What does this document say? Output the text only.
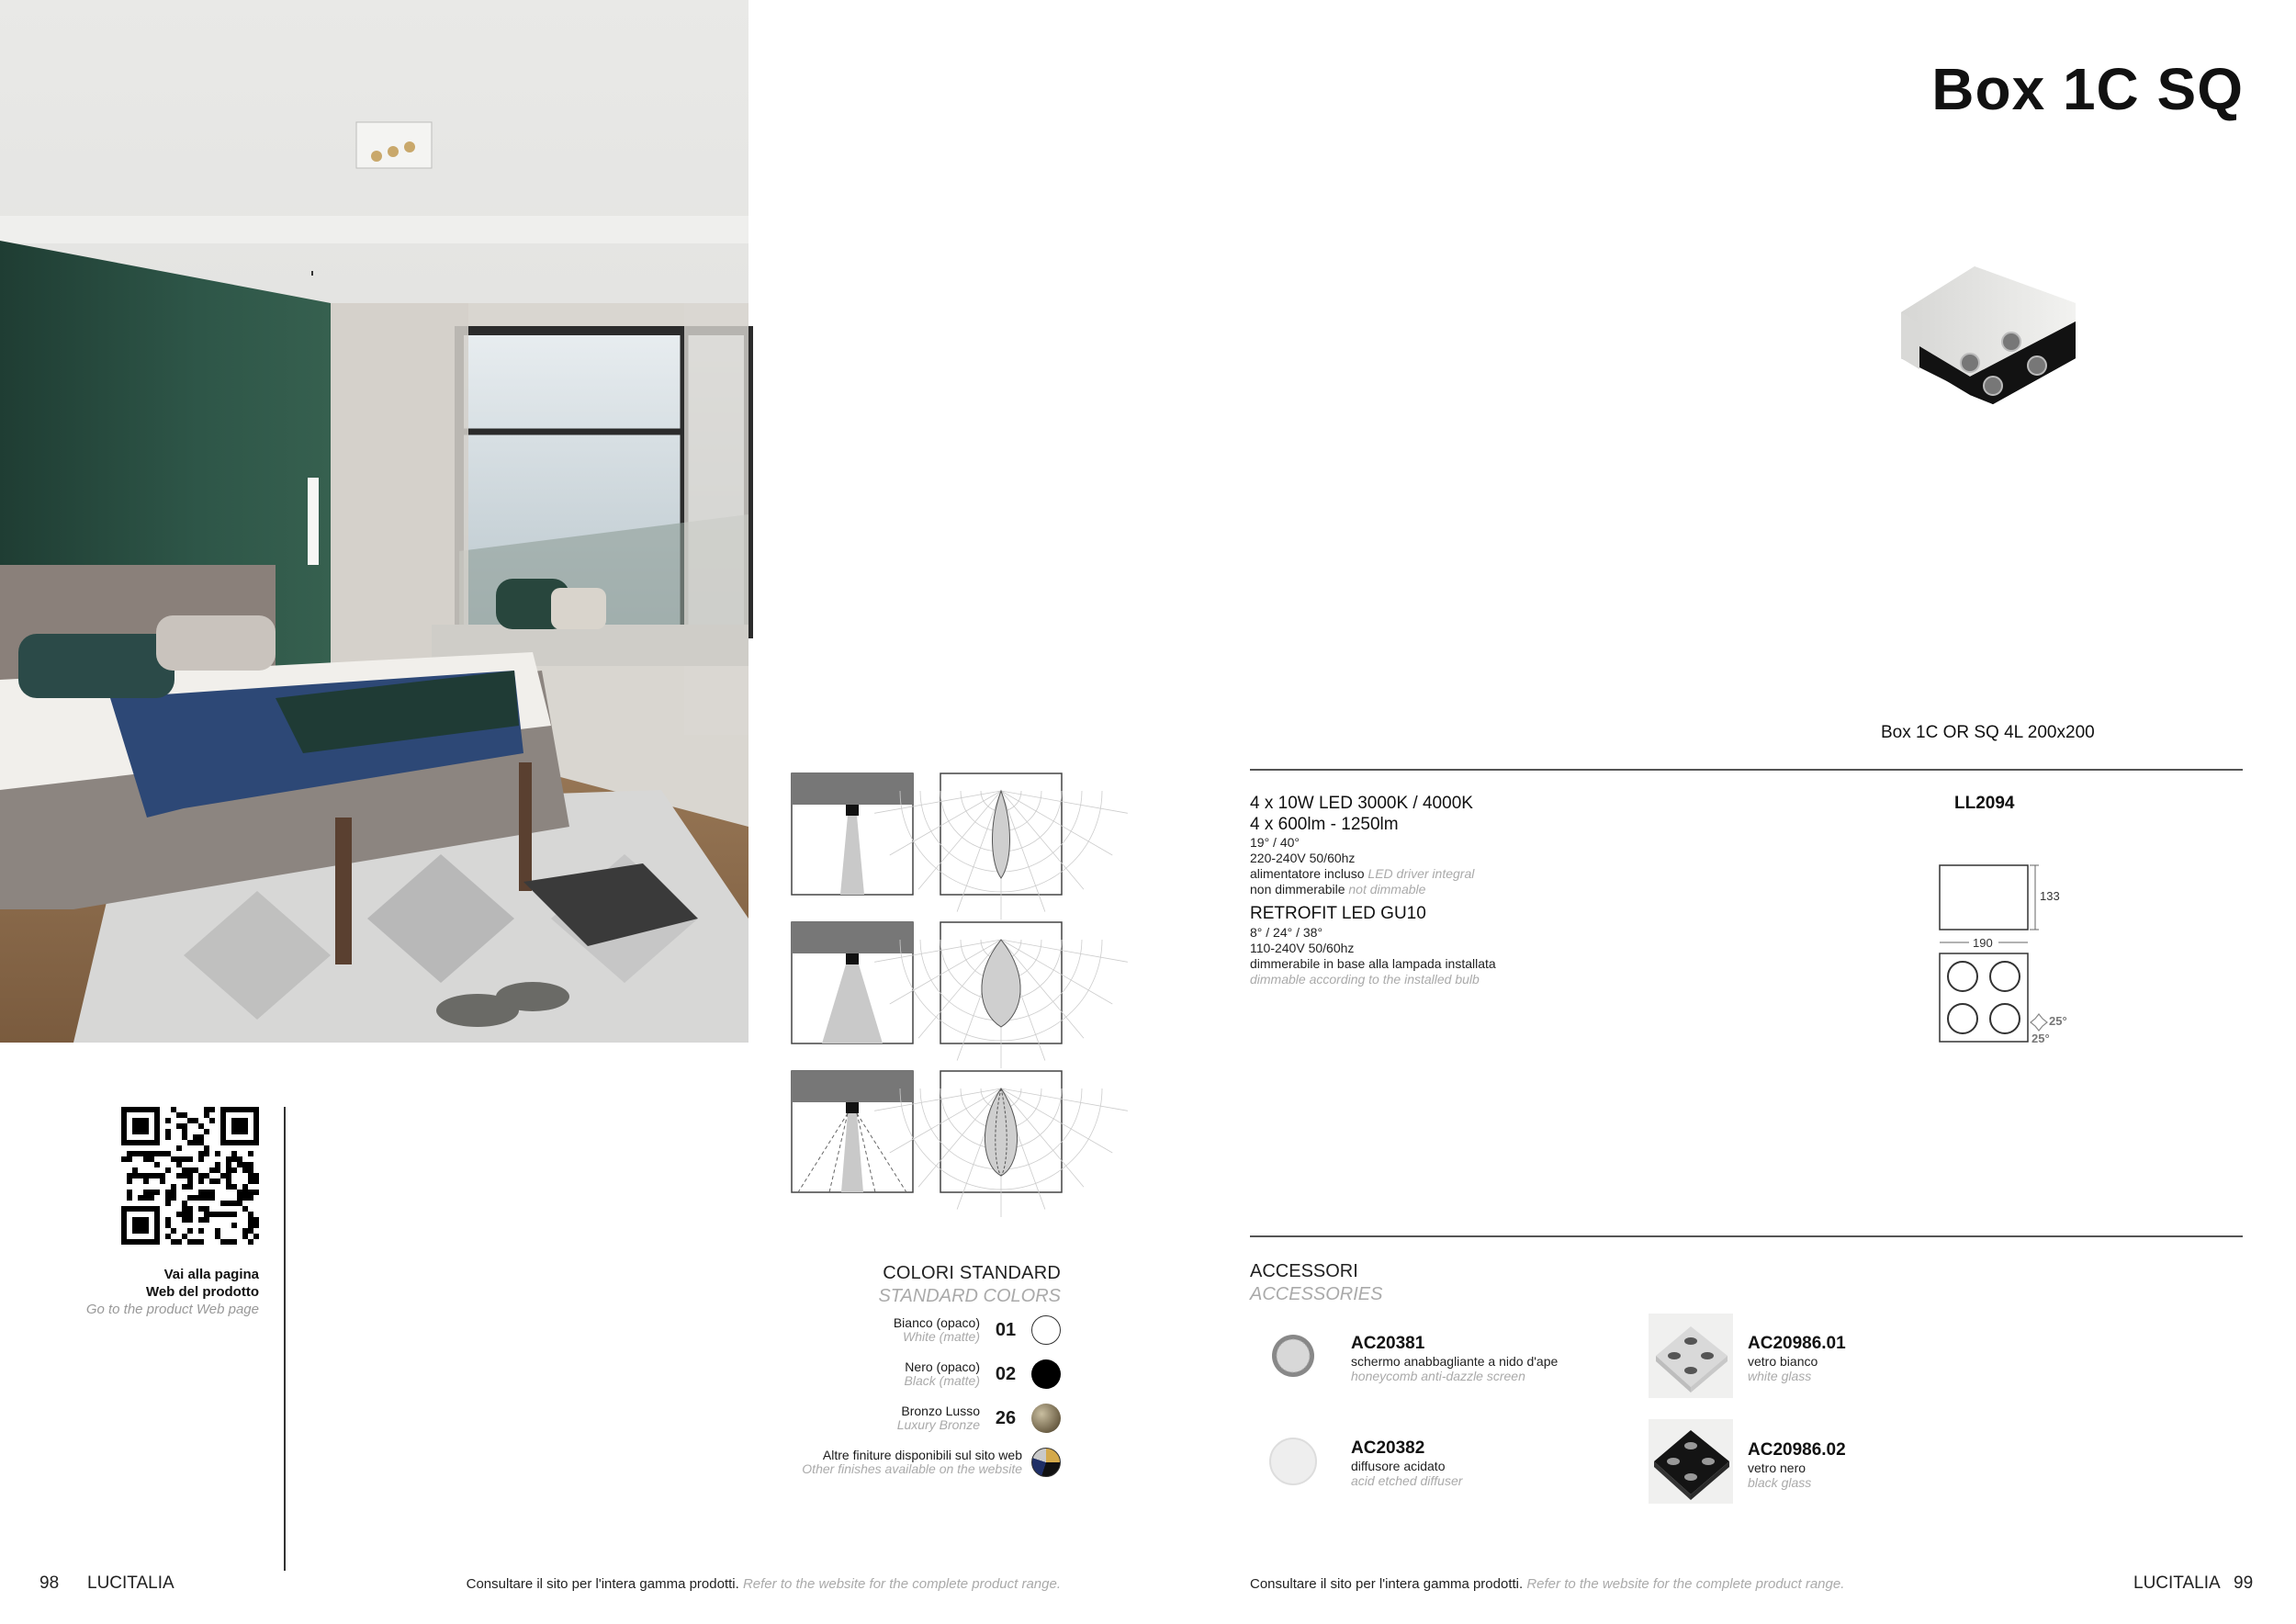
Vai alla pagina
Web del prodotto
Go to the product Web page
COLORI STANDARD
STANDARD COLORS
Bianco (opaco)
White (matte) 01
Nero (opaco)
Black (matte) 02
Bronzo Lusso
Luxury Bronze 26
Altre finiture disponibili sul sito web
Other finishes available on the website
98 LUCITALIA	Consultare il sito per l'intera gamma prodotti. Refer to the website for the complete product range.
Box 1C SQ
Box 1C OR SQ 4L 200x200
4 x 10W LED 3000K / 4000K
4 x 600lm - 1250lm
19° / 40°
220-240V 50/60hz
alimentatore incluso LED driver integral
non dimmerabile not dimmable
RETROFIT LED GU10
8° / 24° / 38°
110-240V 50/60hz
dimmerabile in base alla lampada installata
dimmable according to the installed bulb
LL2094
133
190
25°
25°
ACCESSORI
ACCESSORIES
AC20381
schermo anabbagliante a nido d'ape
honeycomb anti-dazzle screen
AC20986.01
vetro bianco
white glass
AC20382
diffusore acidato
acid etched diffuser
AC20986.02
vetro nero
black glass
Consultare il sito per l'intera gamma prodotti. Refer to the website for the complete product range.	LUCITALIA 99
